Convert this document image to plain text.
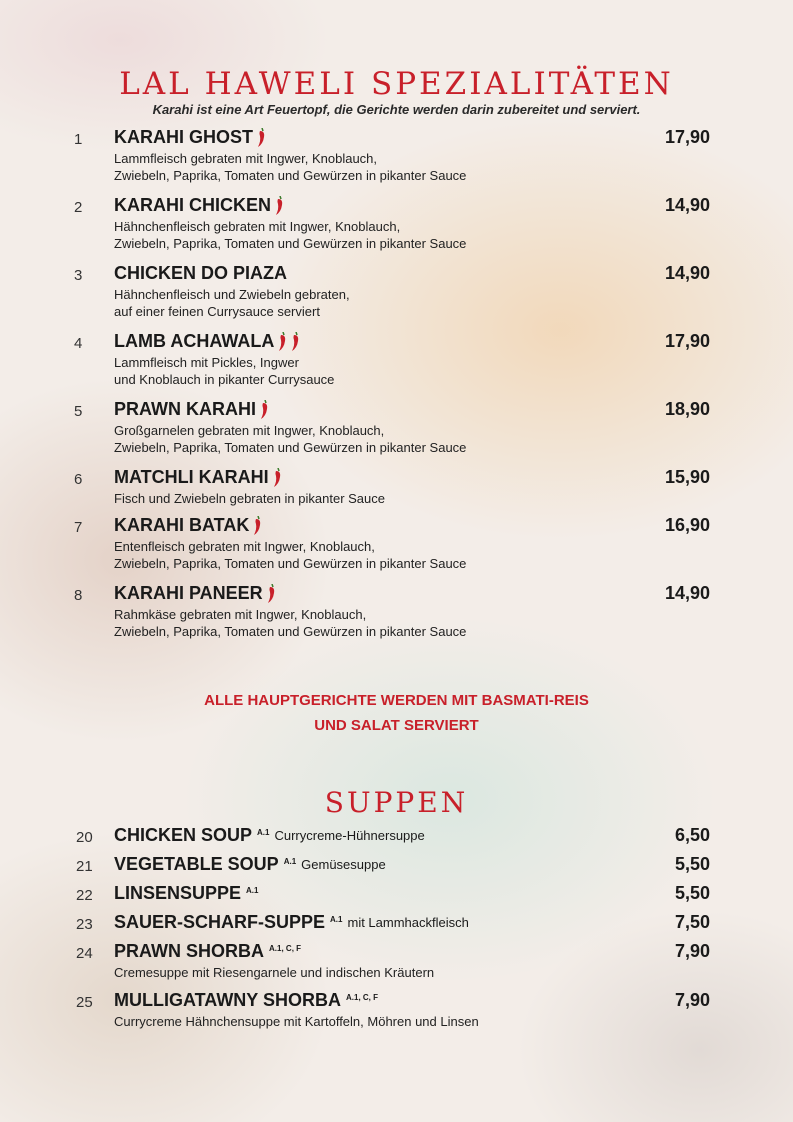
LAL HAWELI SPEZIALITÄTEN
Karahi ist eine Art Feuertopf, die Gerichte werden darin zubereitet und serviert.
1 KARAHI GHOST	17,90
Lammfleisch gebraten mit Ingwer, Knoblauch,
Zwiebeln, Paprika, Tomaten und Gewürzen in pikanter Sauce
2 KARAHI CHICKEN	14,90
Hähnchenfleisch gebraten mit Ingwer, Knoblauch,
Zwiebeln, Paprika, Tomaten und Gewürzen in pikanter Sauce
3 CHICKEN DO PIAZA	14,90
Hähnchenfleisch und Zwiebeln gebraten,
auf einer feinen Currysauce serviert
4 LAMB ACHAWALA	17,90
Lammfleisch mit Pickles, Ingwer
und Knoblauch in pikanter Currysauce
5 PRAWN KARAHI	18,90
Großgarnelen gebraten mit Ingwer, Knoblauch,
Zwiebeln, Paprika, Tomaten und Gewürzen in pikanter Sauce
6 MATCHLI KARAHI	15,90
Fisch und Zwiebeln gebraten in pikanter Sauce
7 KARAHI BATAK	16,90
Entenfleisch gebraten mit Ingwer, Knoblauch,
Zwiebeln, Paprika, Tomaten und Gewürzen in pikanter Sauce
8 KARAHI PANEER	14,90
Rahmkäse gebraten mit Ingwer, Knoblauch,
Zwiebeln, Paprika, Tomaten und Gewürzen in pikanter Sauce
ALLE HAUPTGERICHTE WERDEN MIT BASMATI-REIS
UND SALAT SERVIERT
SUPPEN
20 CHICKEN SOUP A.1 Currycreme-Hühnersuppe	6,50
21 VEGETABLE SOUP A.1 Gemüsesuppe	5,50
22 LINSENSUPPE A.1	5,50
23 SAUER-SCHARF-SUPPE A.1 mit Lammhackfleisch	7,50
24 PRAWN SHORBA A.1, C, F	7,90
Cremesuppe mit Riesengarnele und indischen Kräutern
25 MULLIGATAWNY SHORBA A.1, C, F	7,90
Currycreme Hähnchensuppe mit Kartoffeln, Möhren und Linsen
